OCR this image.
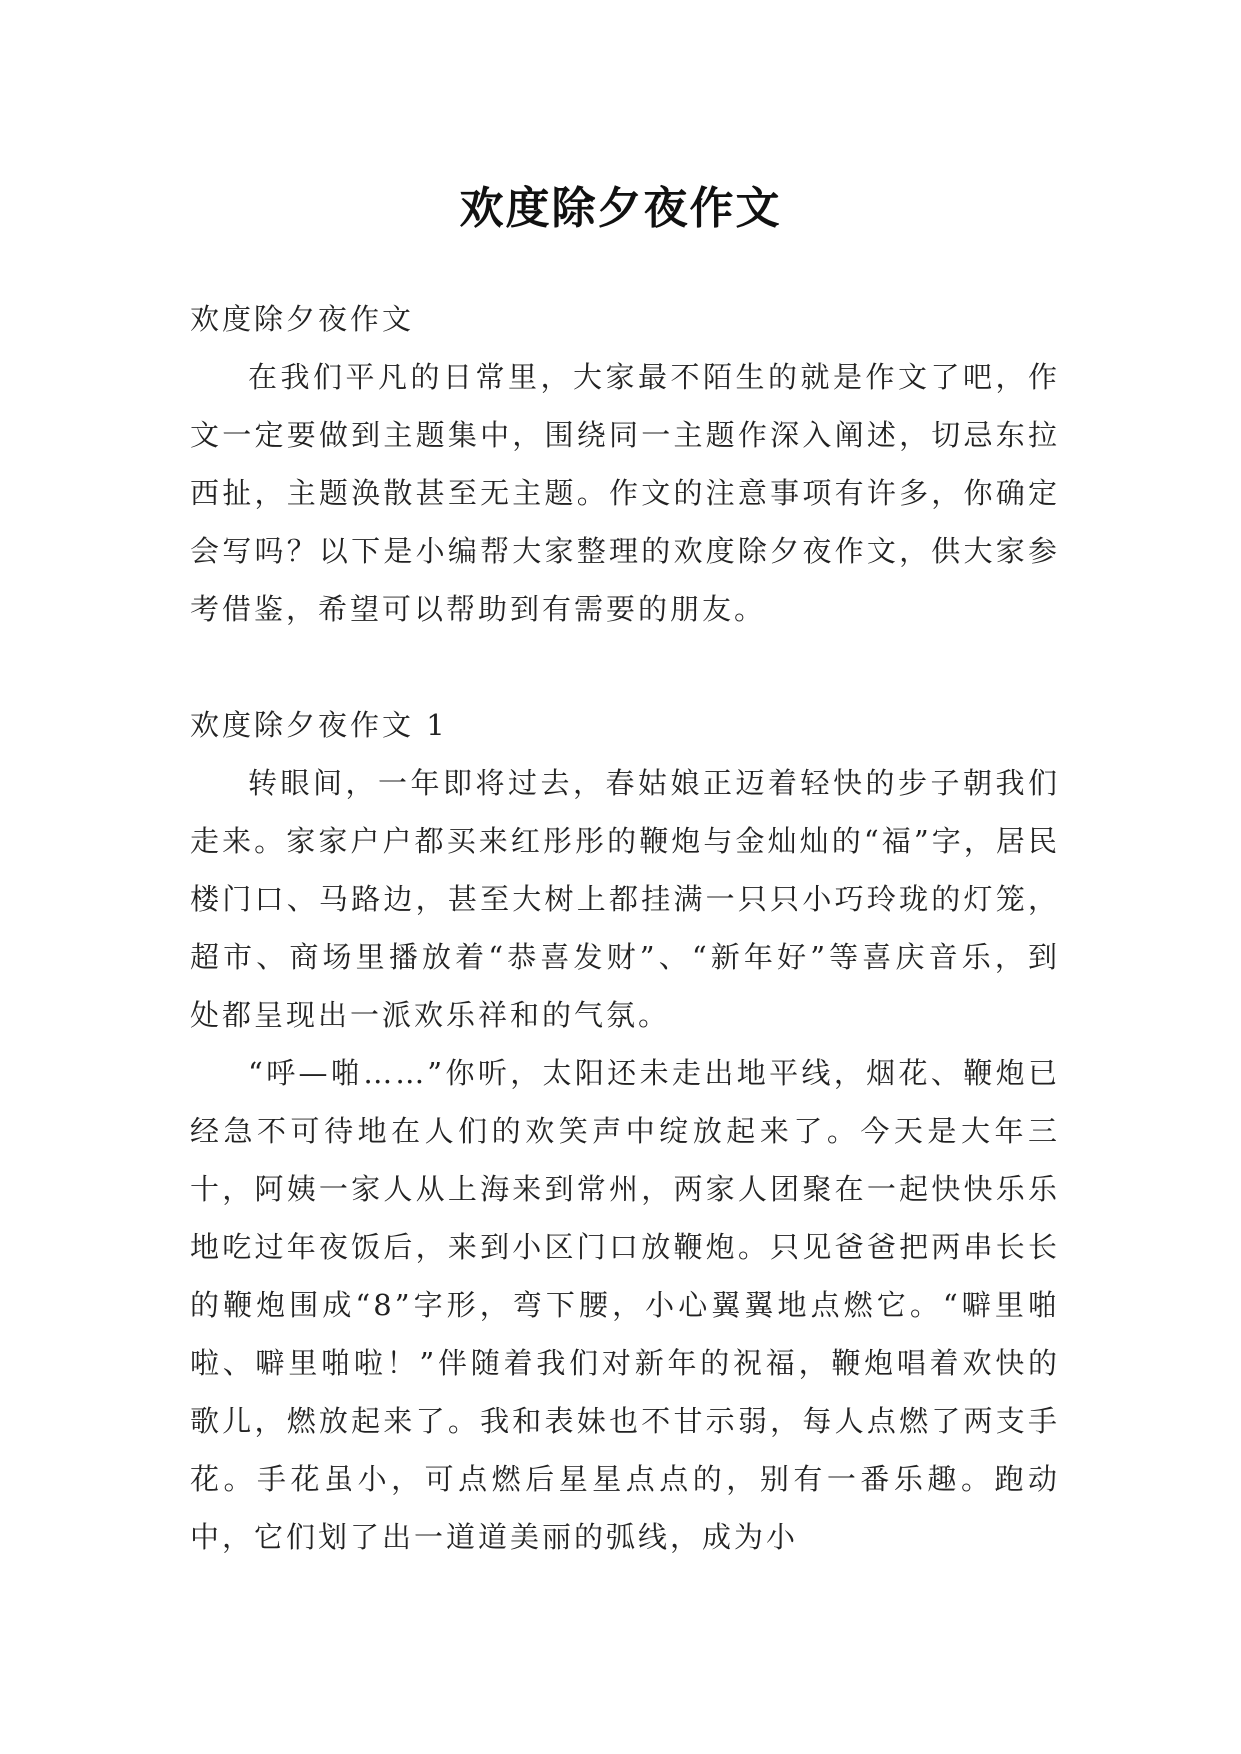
欢度除夕夜作文

欢度除夕夜作文

在我们平凡的日常里，大家最不陌生的就是作文了吧，作文一定要做到主题集中，围绕同一主题作深入阐述，切忌东拉西扯，主题涣散甚至无主题。作文的注意事项有许多，你确定会写吗？以下是小编帮大家整理的欢度除夕夜作文，供大家参考借鉴，希望可以帮助到有需要的朋友。

欢度除夕夜作文 1

转眼间，一年即将过去，春姑娘正迈着轻快的步子朝我们走来。家家户户都买来红彤彤的鞭炮与金灿灿的“福”字，居民楼门口、马路边，甚至大树上都挂满一只只小巧玲珑的灯笼，超市、商场里播放着“恭喜发财”、“新年好”等喜庆音乐，到处都呈现出一派欢乐祥和的气氛。

“呼—啪……”你听，太阳还未走出地平线，烟花、鞭炮已经急不可待地在人们的欢笑声中绽放起来了。今天是大年三十，阿姨一家人从上海来到常州，两家人团聚在一起快快乐乐地吃过年夜饭后，来到小区门口放鞭炮。只见爸爸把两串长长的鞭炮围成“8”字形，弯下腰，小心翼翼地点燃它。“噼里啪啦、噼里啪啦！”伴随着我们对新年的祝福，鞭炮唱着欢快的歌儿，燃放起来了。我和表妹也不甘示弱，每人点燃了两支手花。手花虽小，可点燃后星星点点的，别有一番乐趣。跑动中，它们划了出一道道美丽的弧线，成为小
